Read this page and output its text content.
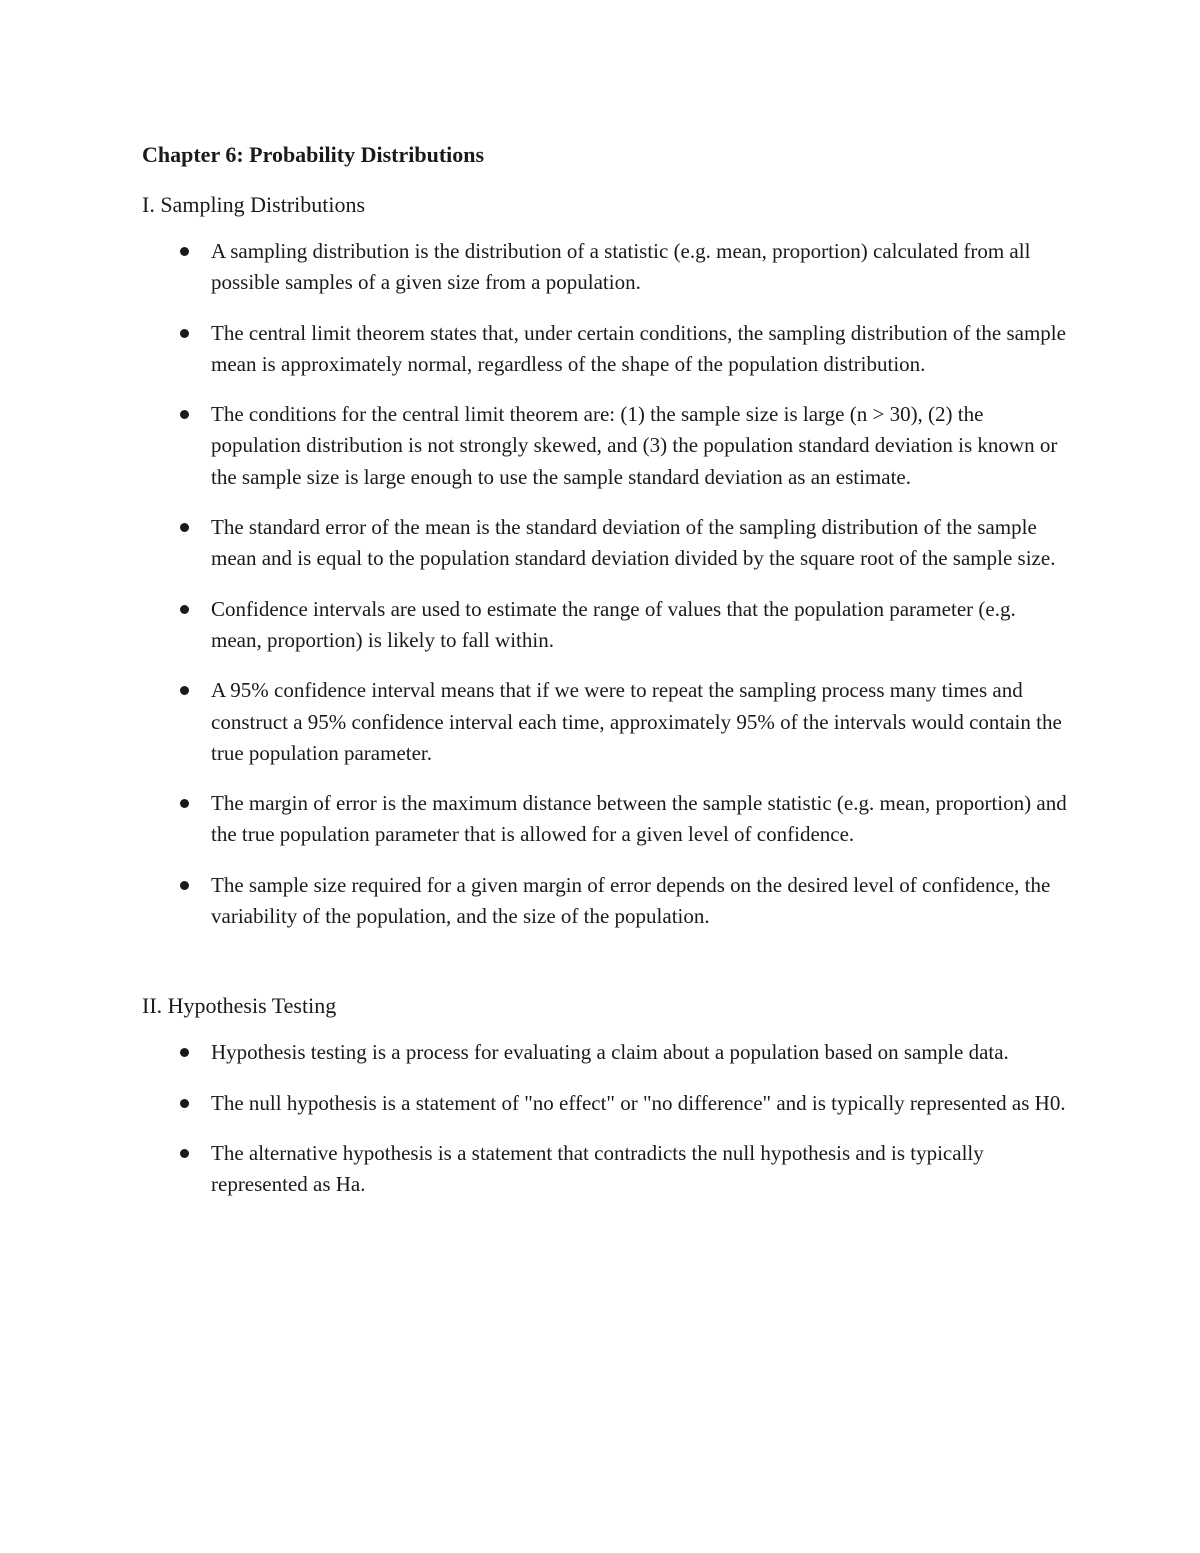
Chapter 6: Probability Distributions
I. Sampling Distributions
A sampling distribution is the distribution of a statistic (e.g. mean, proportion) calculated from all possible samples of a given size from a population.
The central limit theorem states that, under certain conditions, the sampling distribution of the sample mean is approximately normal, regardless of the shape of the population distribution.
The conditions for the central limit theorem are: (1) the sample size is large (n > 30), (2) the population distribution is not strongly skewed, and (3) the population standard deviation is known or the sample size is large enough to use the sample standard deviation as an estimate.
The standard error of the mean is the standard deviation of the sampling distribution of the sample mean and is equal to the population standard deviation divided by the square root of the sample size.
Confidence intervals are used to estimate the range of values that the population parameter (e.g. mean, proportion) is likely to fall within.
A 95% confidence interval means that if we were to repeat the sampling process many times and construct a 95% confidence interval each time, approximately 95% of the intervals would contain the true population parameter.
The margin of error is the maximum distance between the sample statistic (e.g. mean, proportion) and the true population parameter that is allowed for a given level of confidence.
The sample size required for a given margin of error depends on the desired level of confidence, the variability of the population, and the size of the population.
II. Hypothesis Testing
Hypothesis testing is a process for evaluating a claim about a population based on sample data.
The null hypothesis is a statement of "no effect" or "no difference" and is typically represented as H0.
The alternative hypothesis is a statement that contradicts the null hypothesis and is typically represented as Ha.
